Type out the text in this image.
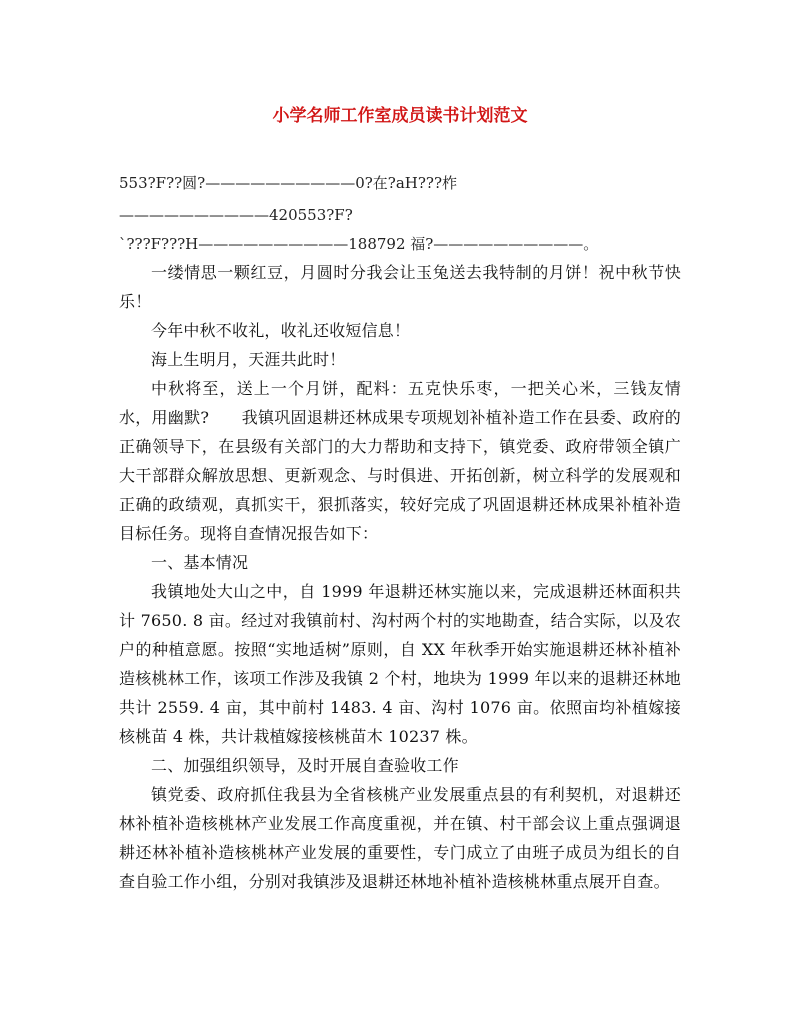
小学名师工作室成员读书计划范文
553?F??圆?——————————0?在?aH???柞
——————————420553?F?
`???F???H——————————188792 福?——————————。

一缕情思一颗红豆，月圆时分我会让玉兔送去我特制的月饼！祝中秋节快乐！

今年中秋不收礼，收礼还收短信息！

海上生明月，天涯共此时！

中秋将至，送上一个月饼，配料：五克快乐枣，一把关心米，三钱友情水，用幽默?　　我镇巩固退耕还林成果专项规划补植补造工作在县委、政府的正确领导下，在县级有关部门的大力帮助和支持下，镇党委、政府带领全镇广大干部群众解放思想、更新观念、与时俱进、开拓创新，树立科学的发展观和正确的政绩观，真抓实干，狠抓落实，较好完成了巩固退耕还林成果补植补造目标任务。现将自查情况报告如下：

一、基本情况

我镇地处大山之中，自 1999 年退耕还林实施以来，完成退耕还林面积共计 7650. 8 亩。经过对我镇前村、沟村两个村的实地勘查，结合实际，以及农户的种植意愿。按照“实地适树”原则，自 XX 年秋季开始实施退耕还林补植补造核桃林工作，该项工作涉及我镇 2 个村，地块为 1999 年以来的退耕还林地共计 2559. 4 亩，其中前村 1483. 4 亩、沟村 1076 亩。依照亩均补植嫁接核桃苗 4 株，共计栽植嫁接核桃苗木 10237 株。

二、加强组织领导，及时开展自查验收工作

镇党委、政府抓住我县为全省核桃产业发展重点县的有利契机，对退耕还林补植补造核桃林产业发展工作高度重视，并在镇、村干部会议上重点强调退耕还林补植补造核桃林产业发展的重要性，专门成立了由班子成员为组长的自查自验工作小组，分别对我镇涉及退耕还林地补植补造核桃林重点展开自查。
